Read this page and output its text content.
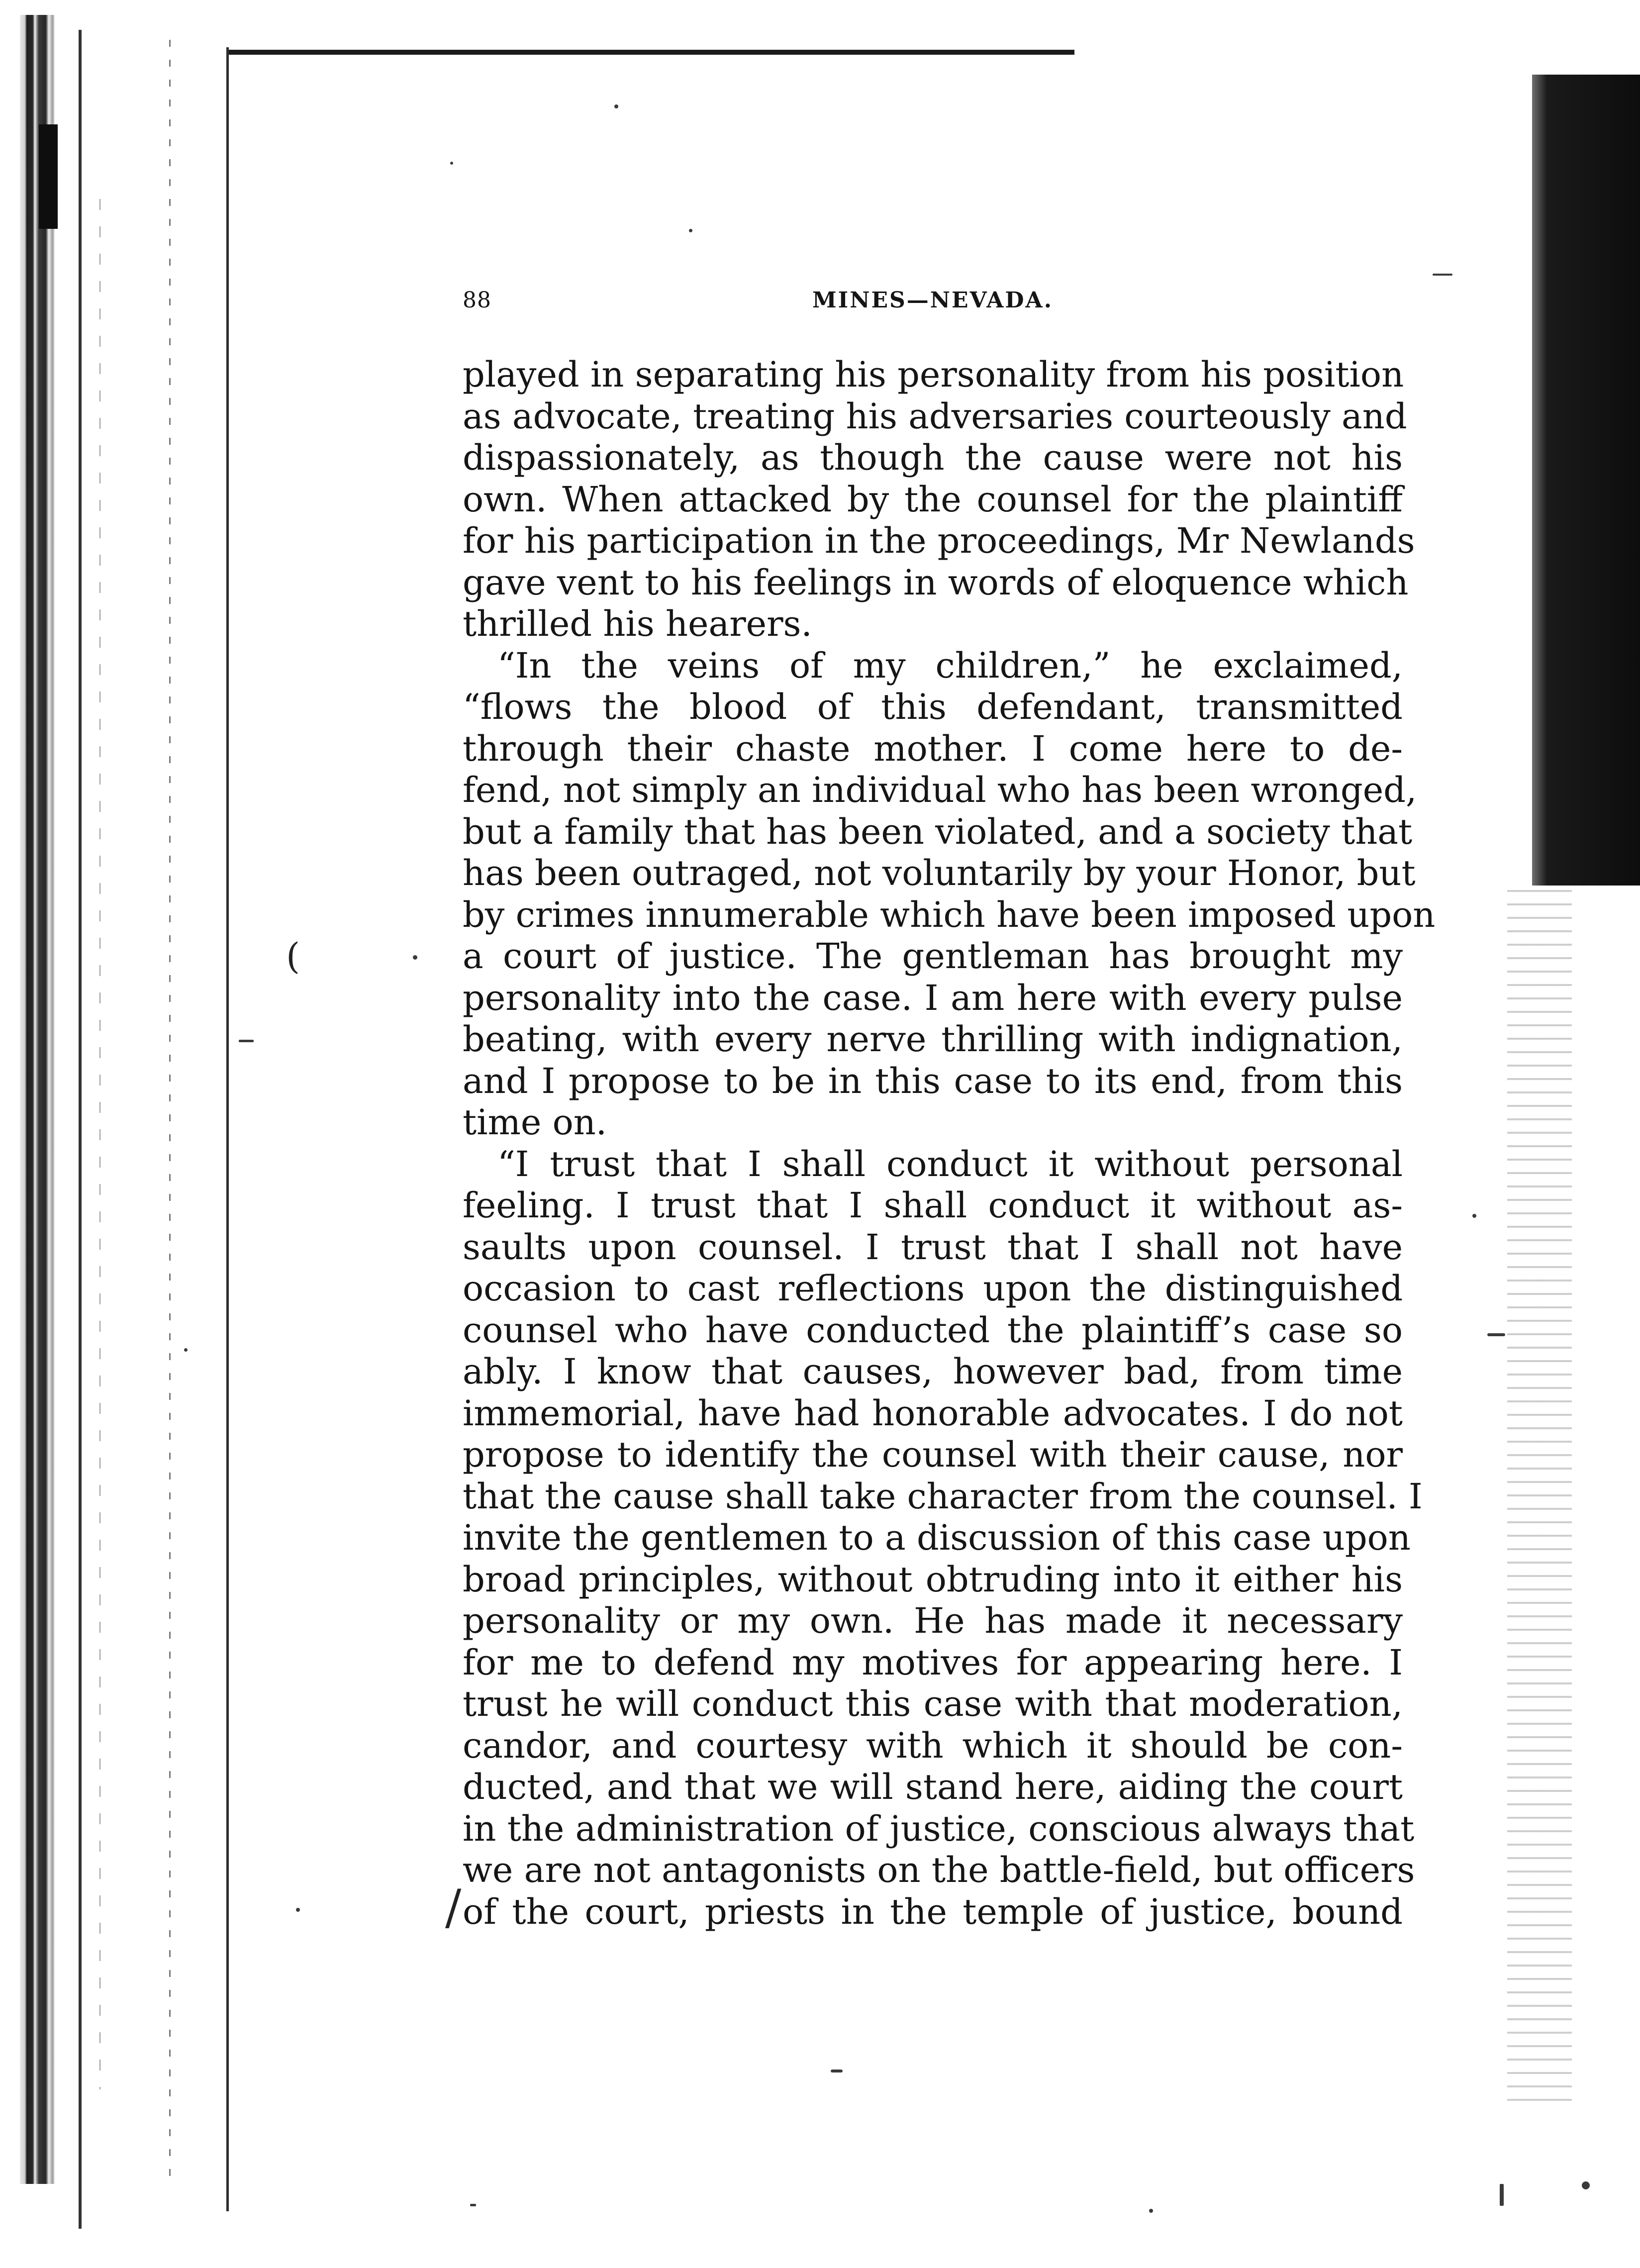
88	MINES—NEVADA.
played in separating his personality from his position
as advocate, treating his adversaries courteously and
dispassionately, as though the cause were not his
own. When attacked by the counsel for the plaintiff
for his participation in the proceedings, Mr Newlands
gave vent to his feelings in words of eloquence which
thrilled his hearers.
“In the veins of my children,” he exclaimed,
“flows the blood of this defendant, transmitted
through their chaste mother. I come here to de-
fend, not simply an individual who has been wronged,
but a family that has been violated, and a society that
has been outraged, not voluntarily by your Honor, but
by crimes innumerable which have been imposed upon
a court of justice. The gentleman has brought my
personality into the case. I am here with every pulse
beating, with every nerve thrilling with indignation,
and I propose to be in this case to its end, from this
time on.
“I trust that I shall conduct it without personal
feeling. I trust that I shall conduct it without as-
saults upon counsel. I trust that I shall not have
occasion to cast reflections upon the distinguished
counsel who have conducted the plaintiff’s case so
ably. I know that causes, however bad, from time
immemorial, have had honorable advocates. I do not
propose to identify the counsel with their cause, nor
that the cause shall take character from the counsel. I
invite the gentlemen to a discussion of this case upon
broad principles, without obtruding into it either his
personality or my own. He has made it necessary
for me to defend my motives for appearing here. I
trust he will conduct this case with that moderation,
candor, and courtesy with which it should be con-
ducted, and that we will stand here, aiding the court
in the administration of justice, conscious always that
we are not antagonists on the battle-field, but officers
of the court, priests in the temple of justice, bound
(
/
